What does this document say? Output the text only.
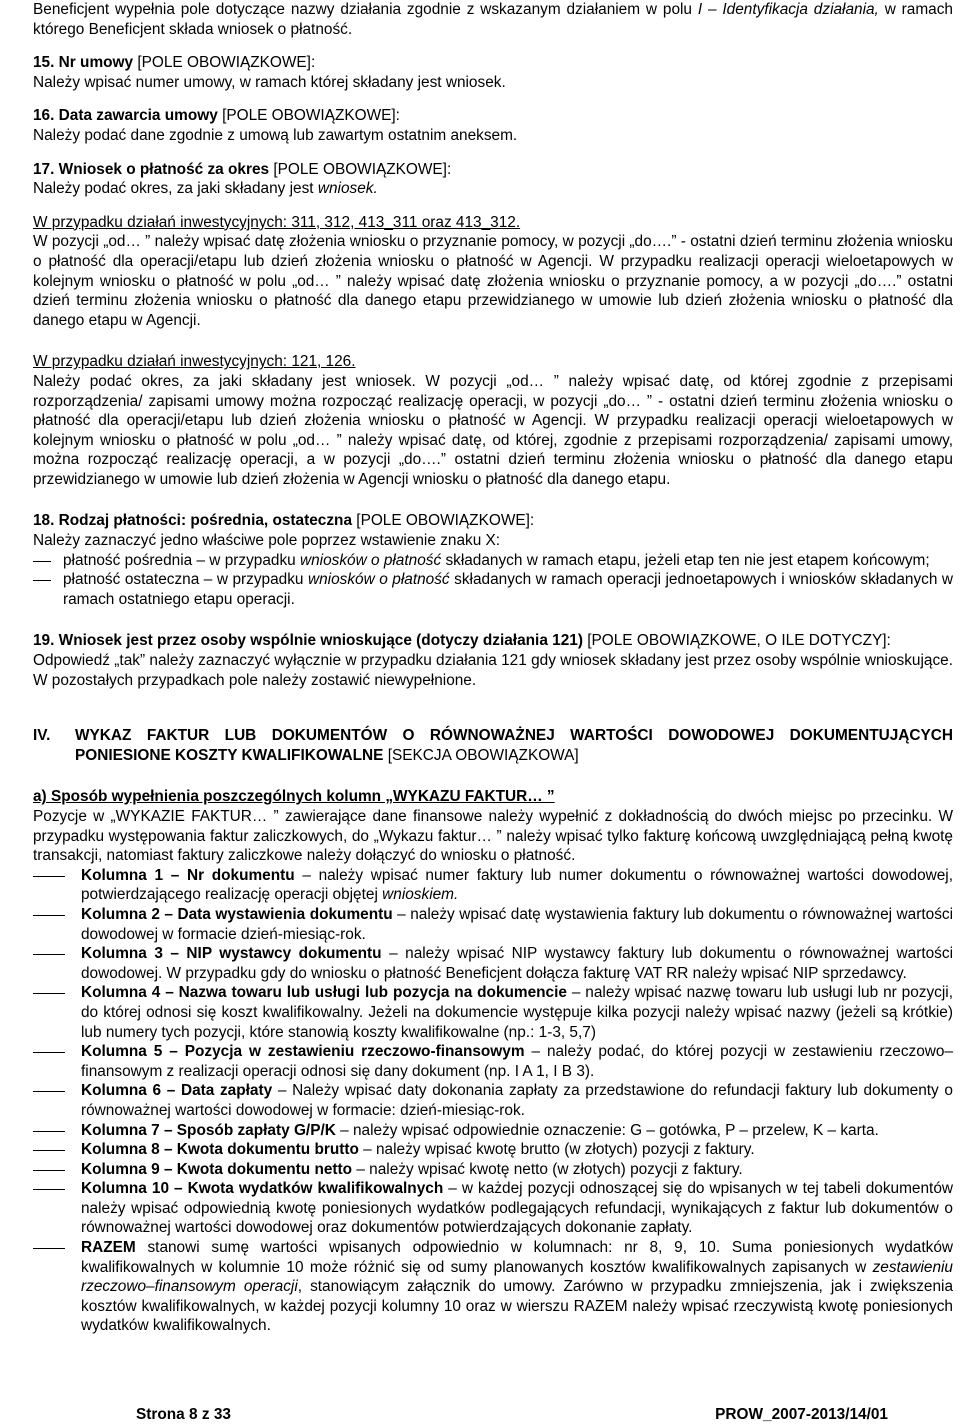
Beneficjent wypełnia pole dotyczące nazwy działania zgodnie z wskazanym działaniem w polu I – Identyfikacja działania, w ramach którego Beneficjent składa wniosek o płatność.

15. Nr umowy [POLE OBOWIĄZKOWE]:

Należy wpisać numer umowy, w ramach której składany jest wniosek.

16. Data zawarcia umowy [POLE OBOWIĄZKOWE]:

Należy podać dane zgodnie z umową lub zawartym ostatnim aneksem.

17. Wniosek o płatność za okres [POLE OBOWIĄZKOWE]:

Należy podać okres, za jaki składany jest wniosek.

W przypadku działań inwestycyjnych: 311, 312, 413_311 oraz 413_312.

W pozycji „od… ” należy wpisać datę złożenia wniosku o przyznanie pomocy, w pozycji „do….” - ostatni dzień terminu złożenia wniosku o płatność dla operacji/etapu lub dzień złożenia wniosku o płatność w Agencji. W przypadku realizacji operacji wieloetapowych w kolejnym wniosku o płatność w polu „od… ” należy wpisać datę złożenia wniosku o przyznanie pomocy, a w pozycji „do….” ostatni dzień terminu złożenia wniosku o płatność dla danego etapu przewidzianego w umowie lub dzień złożenia wniosku o płatność dla danego etapu w Agencji.

W przypadku działań inwestycyjnych: 121, 126.

Należy podać okres, za jaki składany jest wniosek. W pozycji „od… ” należy wpisać datę, od której zgodnie z przepisami rozporządzenia/ zapisami umowy można rozpocząć realizację operacji, w pozycji „do… ” - ostatni dzień terminu złożenia wniosku o płatność dla operacji/etapu lub dzień złożenia wniosku o płatność w Agencji. W przypadku realizacji operacji wieloetapowych w kolejnym wniosku o płatność w polu „od… ” należy wpisać datę, od której, zgodnie z przepisami rozporządzenia/ zapisami umowy, można rozpocząć realizację operacji, a w pozycji „do….” ostatni dzień terminu złożenia wniosku o płatność dla danego etapu przewidzianego w umowie lub dzień złożenia w Agencji wniosku o płatność dla danego etapu.

18. Rodzaj płatności: pośrednia, ostateczna [POLE OBOWIĄZKOWE]:

Należy zaznaczyć jedno właściwe pole poprzez wstawienie znaku X:

płatność pośrednia – w przypadku wniosków o płatność składanych w ramach etapu, jeżeli etap ten nie jest etapem końcowym;
płatność ostateczna – w przypadku wniosków o płatność składanych w ramach operacji jednoetapowych i wniosków składanych w ramach ostatniego etapu operacji.

19. Wniosek jest przez osoby wspólnie wnioskujące (dotyczy działania 121) [POLE OBOWIĄZKOWE, O ILE DOTYCZY]:

Odpowiedź „tak” należy zaznaczyć wyłącznie w przypadku działania 121 gdy wniosek składany jest przez osoby wspólnie wnioskujące. W pozostałych przypadkach pole należy zostawić niewypełnione.

IV.	WYKAZ FAKTUR LUB DOKUMENTÓW O RÓWNOWAŻNEJ WARTOŚCI DOWODOWEJ DOKUMENTUJĄCYCH PONIESIONE KOSZTY KWALIFIKOWALNE [SEKCJA OBOWIĄZKOWA]

a) Sposób wypełnienia poszczególnych kolumn „WYKAZU FAKTUR… ”

Pozycje w „WYKAZIE FAKTUR… ” zawierające dane finansowe należy wypełnić z dokładnością do dwóch miejsc po przecinku. W przypadku występowania faktur zaliczkowych, do „Wykazu faktur… ” należy wpisać tylko fakturę końcową uwzględniającą pełną kwotę transakcji, natomiast faktury zaliczkowe należy dołączyć do wniosku o płatność.

Kolumna 1 – Nr dokumentu – należy wpisać numer faktury lub numer dokumentu o równoważnej wartości dowodowej, potwierdzającego realizację operacji objętej wnioskiem.
Kolumna 2 – Data wystawienia dokumentu – należy wpisać datę wystawienia faktury lub dokumentu o równoważnej wartości dowodowej w formacie dzień-miesiąc-rok.
Kolumna 3 – NIP wystawcy dokumentu – należy wpisać NIP wystawcy faktury lub dokumentu o równoważnej wartości dowodowej. W przypadku gdy do wniosku o płatność Beneficjent dołącza fakturę VAT RR należy wpisać NIP sprzedawcy.
Kolumna 4 – Nazwa towaru lub usługi lub pozycja na dokumencie – należy wpisać nazwę towaru lub usługi lub nr pozycji, do której odnosi się koszt kwalifikowalny. Jeżeli na dokumencie występuje kilka pozycji należy wpisać nazwy (jeżeli są krótkie) lub numery tych pozycji, które stanowią koszty kwalifikowalne (np.: 1-3, 5,7)
Kolumna 5 – Pozycja w zestawieniu rzeczowo-finansowym – należy podać, do której pozycji w zestawieniu rzeczowo–finansowym z realizacji operacji odnosi się dany dokument (np. I A 1, I B 3).
Kolumna 6 – Data zapłaty – Należy wpisać daty dokonania zapłaty za przedstawione do refundacji faktury lub dokumenty o równoważnej wartości dowodowej w formacie: dzień-miesiąc-rok.
Kolumna 7 – Sposób zapłaty G/P/K – należy wpisać odpowiednie oznaczenie: G – gotówka, P – przelew, K – karta.
Kolumna 8 – Kwota dokumentu brutto – należy wpisać kwotę brutto (w złotych) pozycji z faktury.
Kolumna 9 – Kwota dokumentu netto – należy wpisać kwotę netto (w złotych) pozycji z faktury.
Kolumna 10 – Kwota wydatków kwalifikowalnych – w każdej pozycji odnoszącej się do wpisanych w tej tabeli dokumentów należy wpisać odpowiednią kwotę poniesionych wydatków podlegających refundacji, wynikających z faktur lub dokumentów o równoważnej wartości dowodowej oraz dokumentów potwierdzających dokonanie zapłaty.
RAZEM stanowi sumę wartości wpisanych odpowiednio w kolumnach: nr 8, 9, 10. Suma poniesionych wydatków kwalifikowalnych w kolumnie 10 może różnić się od sumy planowanych kosztów kwalifikowalnych zapisanych w zestawieniu rzeczowo–finansowym operacji, stanowiącym załącznik do umowy. Zarówno w przypadku zmniejszenia, jak i zwiększenia kosztów kwalifikowalnych, w każdej pozycji kolumny 10 oraz w wierszu RAZEM należy wpisać rzeczywistą kwotę poniesionych wydatków kwalifikowalnych.
Strona 8 z 33	PROW_2007-2013/14/01
